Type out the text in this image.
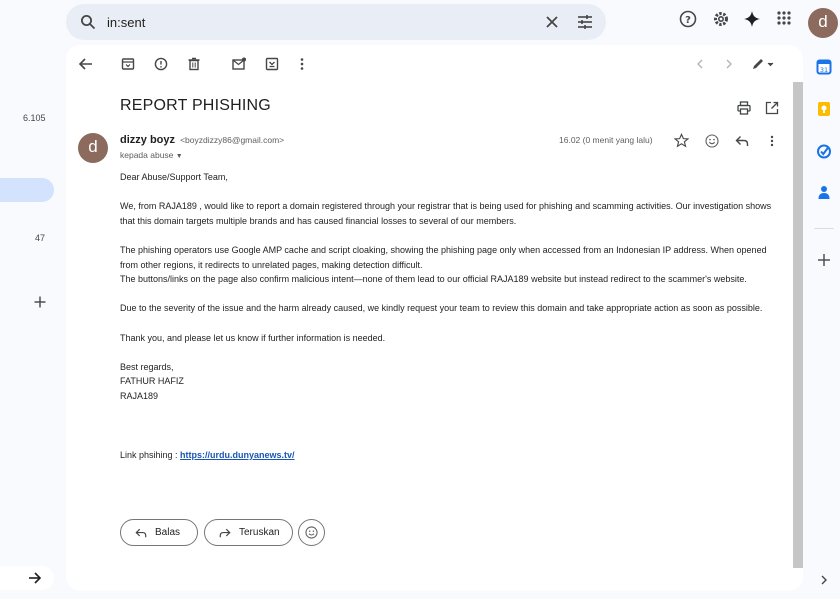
in:sent	?	d
6.105
47
REPORT PHISHING
d	dizzy boyz <boyzdizzy86@gmail.com>
kepada abuse ▼
16.02 (0 menit yang lalu)

Dear Abuse/Support Team,

We, from RAJA189 , would like to report a domain registered through your registrar that is being used for phishing and scamming activities. Our investigation shows that this domain targets multiple brands and has caused financial losses to several of our members.

The phishing operators use Google AMP cache and script cloaking, showing the phishing page only when accessed from an Indonesian IP address. When opened from other regions, it redirects to unrelated pages, making detection difficult.

The buttons/links on the page also confirm malicious intent—none of them lead to our official RAJA189 website but instead redirect to the scammer's website.

Due to the severity of the issue and the harm already caused, we kindly request your team to review this domain and take appropriate action as soon as possible.

Thank you, and please let us know if further information is needed.

Best regards,

FATHUR HAFIZ

RAJA189

Link phsihing : https://urdu.dunyanews.tv/

Balas	Teruskan
31
